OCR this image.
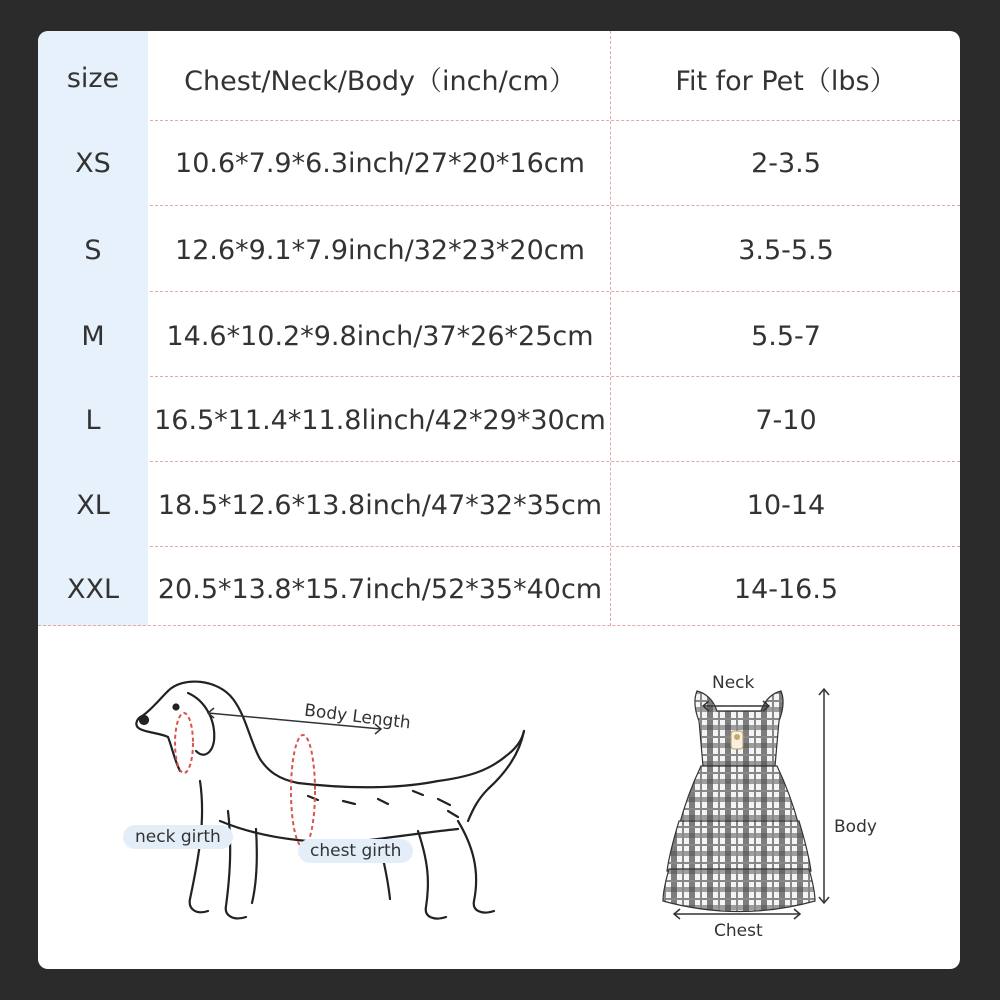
size	Chest/Neck/Body（inch/cm）	Fit for Pet（lbs）
XS	10.6*7.9*6.3inch/27*20*16cm	2-3.5
S	12.6*9.1*7.9inch/32*23*20cm	3.5-5.5
M	14.6*10.2*9.8inch/37*26*25cm	5.5-7
L	16.5*11.4*11.8linch/42*29*30cm	7-10
XL	18.5*12.6*13.8inch/47*32*35cm	10-14
XXL	20.5*13.8*15.7inch/52*35*40cm	14-16.5
Body Length
neck girth
chest girth
Neck
Body
Chest
